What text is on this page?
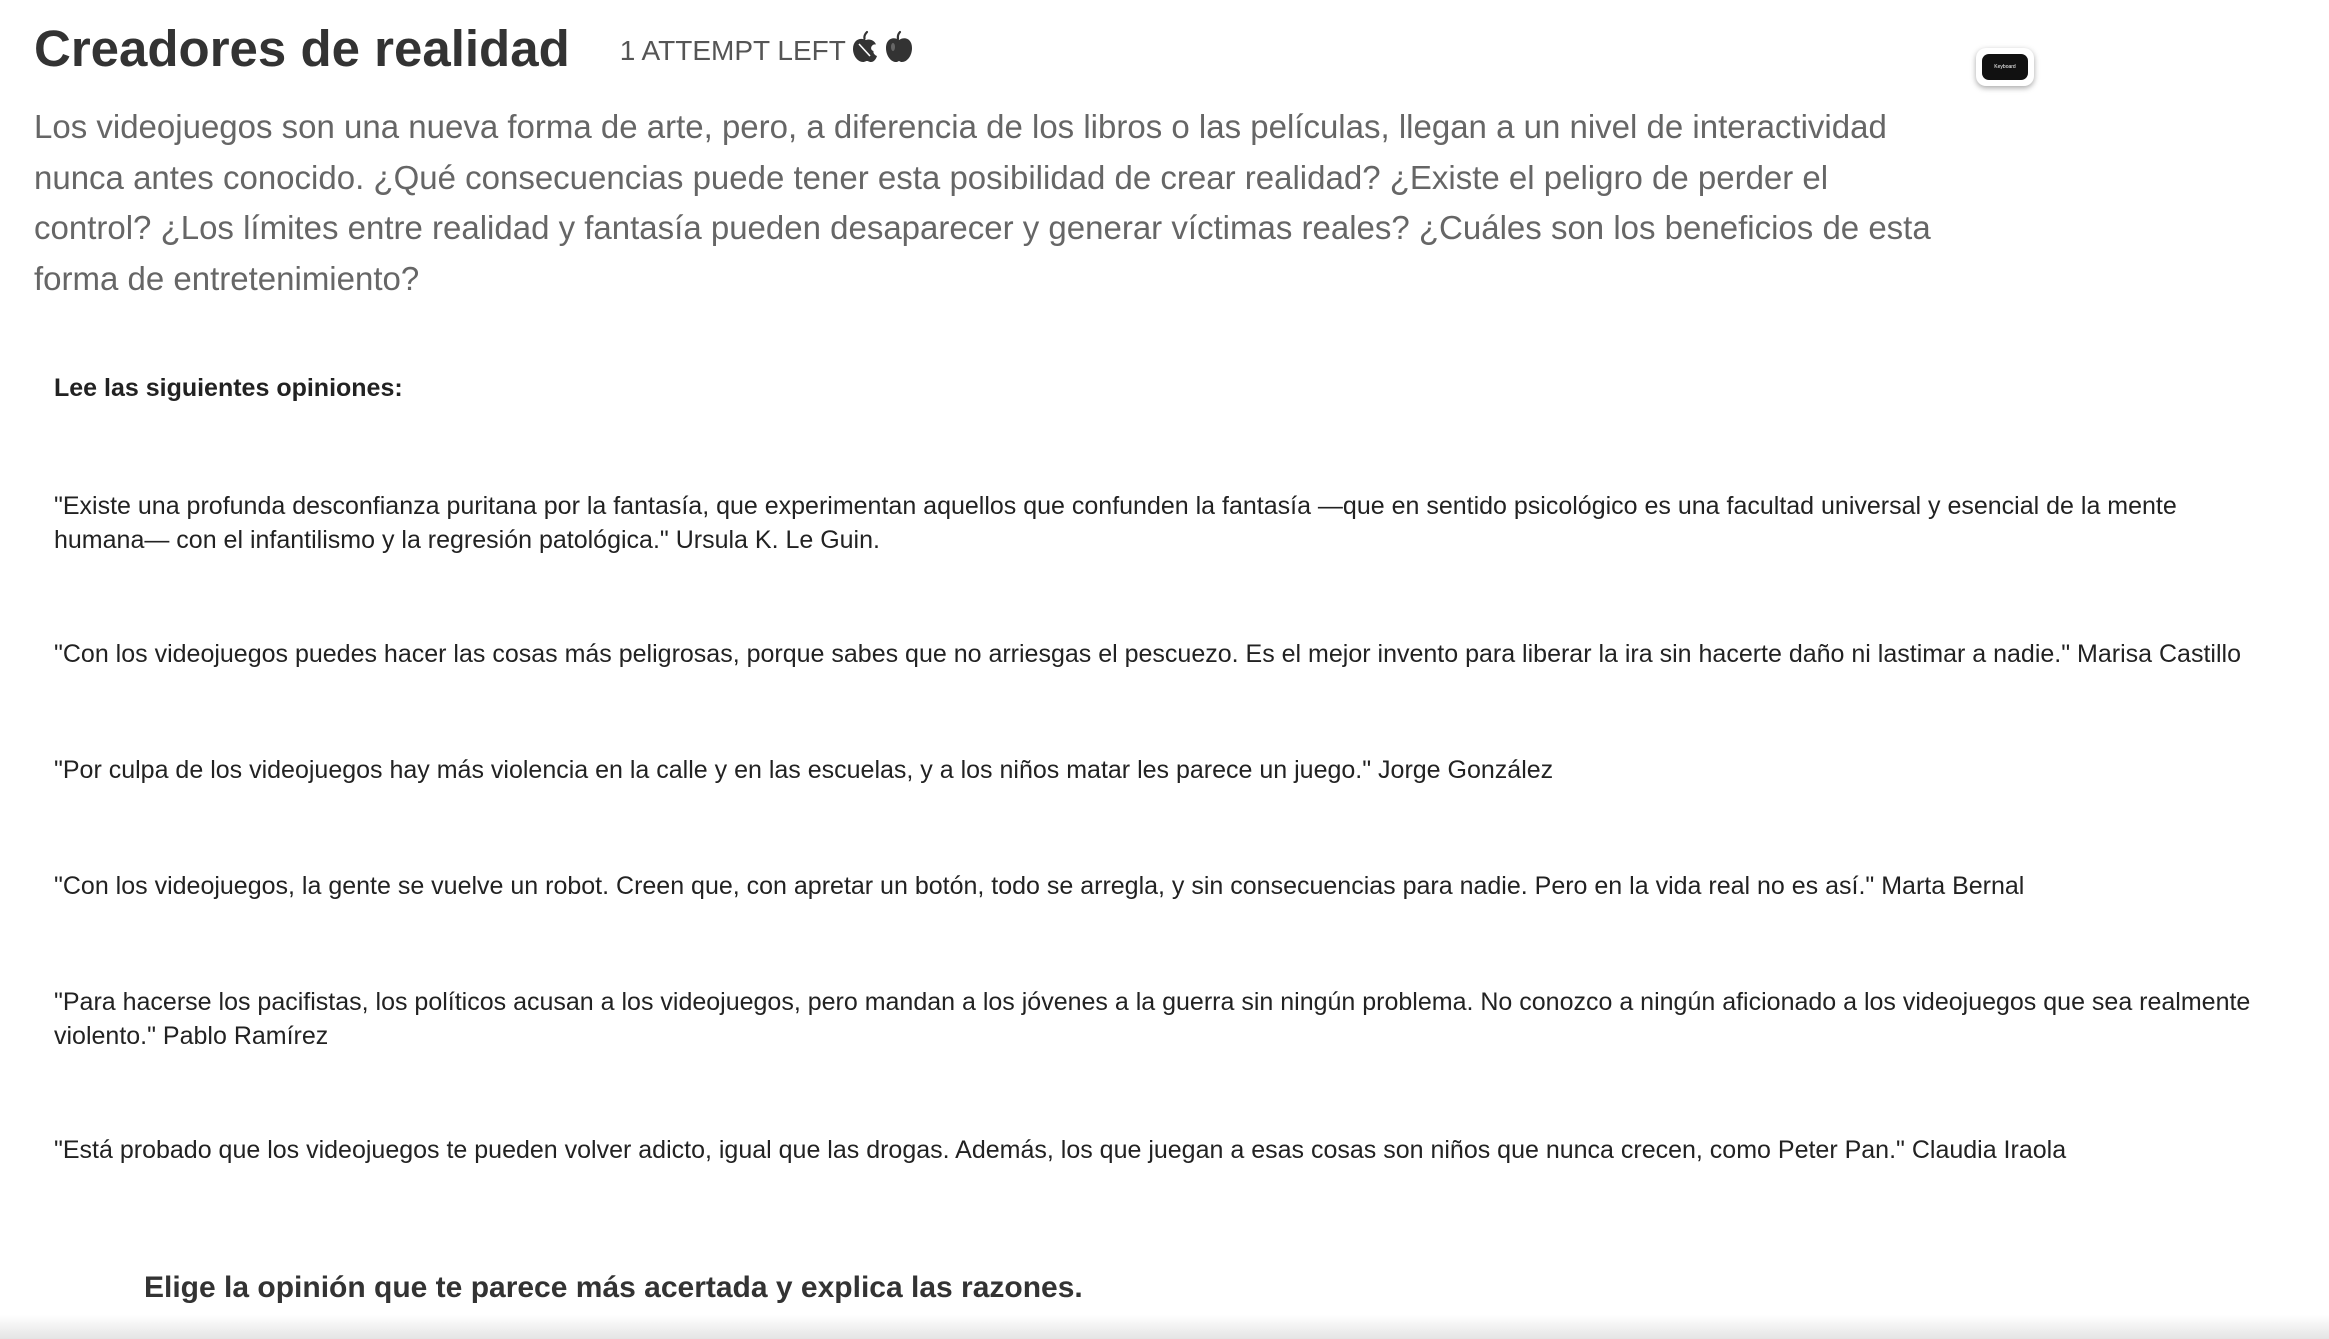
Creadores de realidad 1 ATTEMPT LEFT
Keyboard
Los videojuegos son una nueva forma de arte, pero, a diferencia de los libros o las películas, llegan a un nivel de interactividad nunca antes conocido. ¿Qué consecuencias puede tener esta posibilidad de crear realidad? ¿Existe el peligro de perder el control? ¿Los límites entre realidad y fantasía pueden desaparecer y generar víctimas reales? ¿Cuáles son los beneficios de esta forma de entretenimiento?
Lee las siguientes opiniones:
"Existe una profunda desconfianza puritana por la fantasía, que experimentan aquellos que confunden la fantasía —que en sentido psicológico es una facultad universal y esencial de la mente humana— con el infantilismo y la regresión patológica." Ursula K. Le Guin.
"Con los videojuegos puedes hacer las cosas más peligrosas, porque sabes que no arriesgas el pescuezo. Es el mejor invento para liberar la ira sin hacerte daño ni lastimar a nadie." Marisa Castillo
"Por culpa de los videojuegos hay más violencia en la calle y en las escuelas, y a los niños matar les parece un juego." Jorge González
"Con los videojuegos, la gente se vuelve un robot. Creen que, con apretar un botón, todo se arregla, y sin consecuencias para nadie. Pero en la vida real no es así." Marta Bernal
"Para hacerse los pacifistas, los políticos acusan a los videojuegos, pero mandan a los jóvenes a la guerra sin ningún problema. No conozco a ningún aficionado a los videojuegos que sea realmente violento." Pablo Ramírez
"Está probado que los videojuegos te pueden volver adicto, igual que las drogas. Además, los que juegan a esas cosas son niños que nunca crecen, como Peter Pan." Claudia Iraola
Elige la opinión que te parece más acertada y explica las razones.
